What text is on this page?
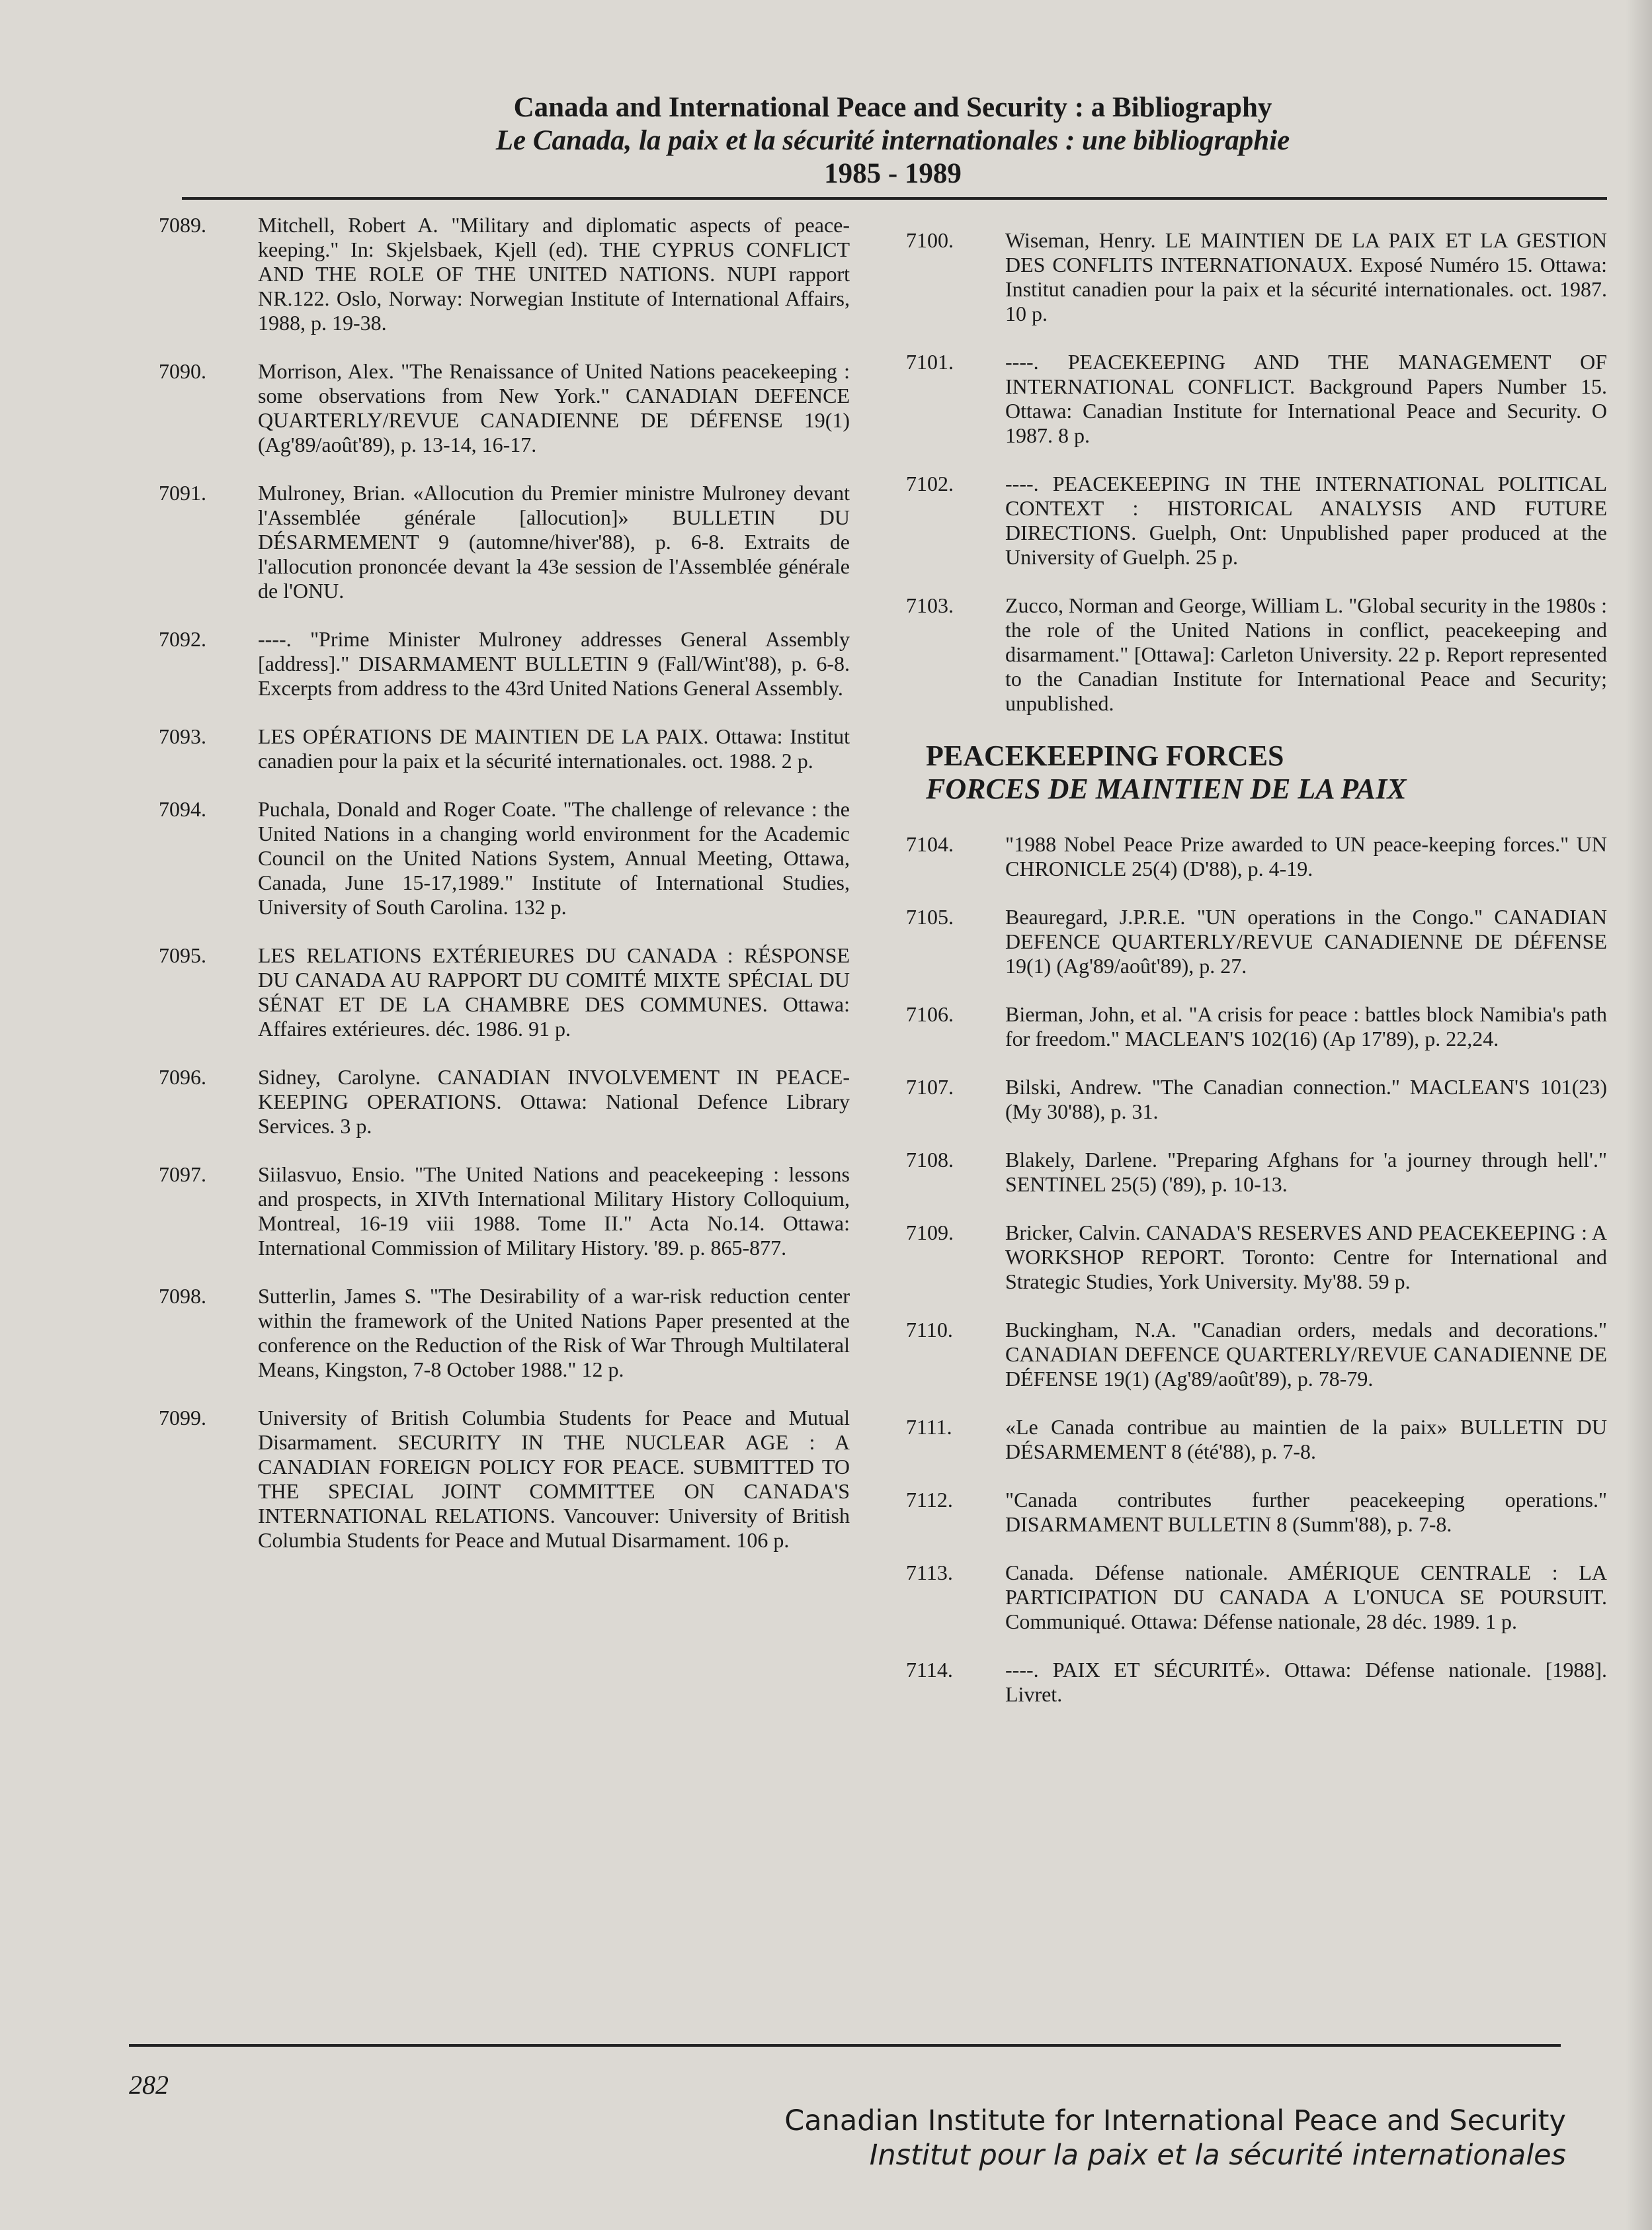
Canada and International Peace and Security : a Bibliography
Le Canada, la paix et la sécurité internationales : une bibliographie
1985 - 1989
7089.	Mitchell, Robert A. "Military and diplomatic aspects of peace-keeping." In: Skjelsbaek, Kjell (ed). THE CYPRUS CONFLICT AND THE ROLE OF THE UNITED NATIONS. NUPI rapport NR.122. Oslo, Norway: Norwegian Institute of International Affairs, 1988, p. 19-38.
7090.	Morrison, Alex. "The Renaissance of United Nations peacekeeping : some observations from New York." CANADIAN DEFENCE QUARTERLY/REVUE CANADIENNE DE DÉFENSE 19(1) (Ag'89/août'89), p. 13-14, 16-17.
7091.	Mulroney, Brian. «Allocution du Premier ministre Mulroney devant l'Assemblée générale [allocution]» BULLETIN DU DÉSARMEMENT 9 (automne/hiver'88), p. 6-8. Extraits de l'allocution prononcée devant la 43e session de l'Assemblée générale de l'ONU.
7092.	----. "Prime Minister Mulroney addresses General Assembly [address]." DISARMAMENT BULLETIN 9 (Fall/Wint'88), p. 6-8. Excerpts from address to the 43rd United Nations General Assembly.
7093.	LES OPÉRATIONS DE MAINTIEN DE LA PAIX. Ottawa: Institut canadien pour la paix et la sécurité internationales. oct. 1988. 2 p.
7094.	Puchala, Donald and Roger Coate. "The challenge of relevance : the United Nations in a changing world environment for the Academic Council on the United Nations System, Annual Meeting, Ottawa, Canada, June 15-17,1989." Institute of International Studies, University of South Carolina. 132 p.
7095.	LES RELATIONS EXTÉRIEURES DU CANADA : RÉSPONSE DU CANADA AU RAPPORT DU COMITÉ MIXTE SPÉCIAL DU SÉNAT ET DE LA CHAMBRE DES COMMUNES. Ottawa: Affaires extérieures. déc. 1986. 91 p.
7096.	Sidney, Carolyne. CANADIAN INVOLVEMENT IN PEACE-KEEPING OPERATIONS. Ottawa: National Defence Library Services. 3 p.
7097.	Siilasvuo, Ensio. "The United Nations and peacekeeping : lessons and prospects, in XIVth International Military History Colloquium, Montreal, 16-19 viii 1988. Tome II." Acta No.14. Ottawa: International Commission of Military History. '89. p. 865-877.
7098.	Sutterlin, James S. "The Desirability of a war-risk reduction center within the framework of the United Nations Paper presented at the conference on the Reduction of the Risk of War Through Multilateral Means, Kingston, 7-8 October 1988." 12 p.
7099.	University of British Columbia Students for Peace and Mutual Disarmament. SECURITY IN THE NUCLEAR AGE : A CANADIAN FOREIGN POLICY FOR PEACE. SUBMITTED TO THE SPECIAL JOINT COMMITTEE ON CANADA'S INTERNATIONAL RELATIONS. Vancouver: University of British Columbia Students for Peace and Mutual Disarmament. 106 p.
7100.	Wiseman, Henry. LE MAINTIEN DE LA PAIX ET LA GESTION DES CONFLITS INTERNATIONAUX. Exposé Numéro 15. Ottawa: Institut canadien pour la paix et la sécurité internationales. oct. 1987. 10 p.
7101.	----. PEACEKEEPING AND THE MANAGEMENT OF INTERNATIONAL CONFLICT. Background Papers Number 15. Ottawa: Canadian Institute for International Peace and Security. O 1987. 8 p.
7102.	----. PEACEKEEPING IN THE INTERNATIONAL POLITICAL CONTEXT : HISTORICAL ANALYSIS AND FUTURE DIRECTIONS. Guelph, Ont: Unpublished paper produced at the University of Guelph. 25 p.
7103.	Zucco, Norman and George, William L. "Global security in the 1980s : the role of the United Nations in conflict, peacekeeping and disarmament." [Ottawa]: Carleton University. 22 p. Report represented to the Canadian Institute for International Peace and Security; unpublished.
PEACEKEEPING FORCES
FORCES DE MAINTIEN DE LA PAIX
7104.	"1988 Nobel Peace Prize awarded to UN peace-keeping forces." UN CHRONICLE 25(4) (D'88), p. 4-19.
7105.	Beauregard, J.P.R.E. "UN operations in the Congo." CANADIAN DEFENCE QUARTERLY/REVUE CANADIENNE DE DÉFENSE 19(1) (Ag'89/août'89), p. 27.
7106.	Bierman, John, et al. "A crisis for peace : battles block Namibia's path for freedom." MACLEAN'S 102(16) (Ap 17'89), p. 22,24.
7107.	Bilski, Andrew. "The Canadian connection." MACLEAN'S 101(23) (My 30'88), p. 31.
7108.	Blakely, Darlene. "Preparing Afghans for 'a journey through hell'." SENTINEL 25(5) ('89), p. 10-13.
7109.	Bricker, Calvin. CANADA'S RESERVES AND PEACEKEEPING : A WORKSHOP REPORT. Toronto: Centre for International and Strategic Studies, York University. My'88. 59 p.
7110.	Buckingham, N.A. "Canadian orders, medals and decorations." CANADIAN DEFENCE QUARTERLY/REVUE CANADIENNE DE DÉFENSE 19(1) (Ag'89/août'89), p. 78-79.
7111.	«Le Canada contribue au maintien de la paix» BULLETIN DU DÉSARMEMENT 8 (été'88), p. 7-8.
7112.	"Canada contributes further peacekeeping operations." DISARMAMENT BULLETIN 8 (Summ'88), p. 7-8.
7113.	Canada. Défense nationale. AMÉRIQUE CENTRALE : LA PARTICIPATION DU CANADA A L'ONUCA SE POURSUIT. Communiqué. Ottawa: Défense nationale, 28 déc. 1989. 1 p.
7114.	----. PAIX ET SÉCURITÉ». Ottawa: Défense nationale. [1988]. Livret.
282
Canadian Institute for International Peace and Security
Institut pour la paix et la sécurité internationales
